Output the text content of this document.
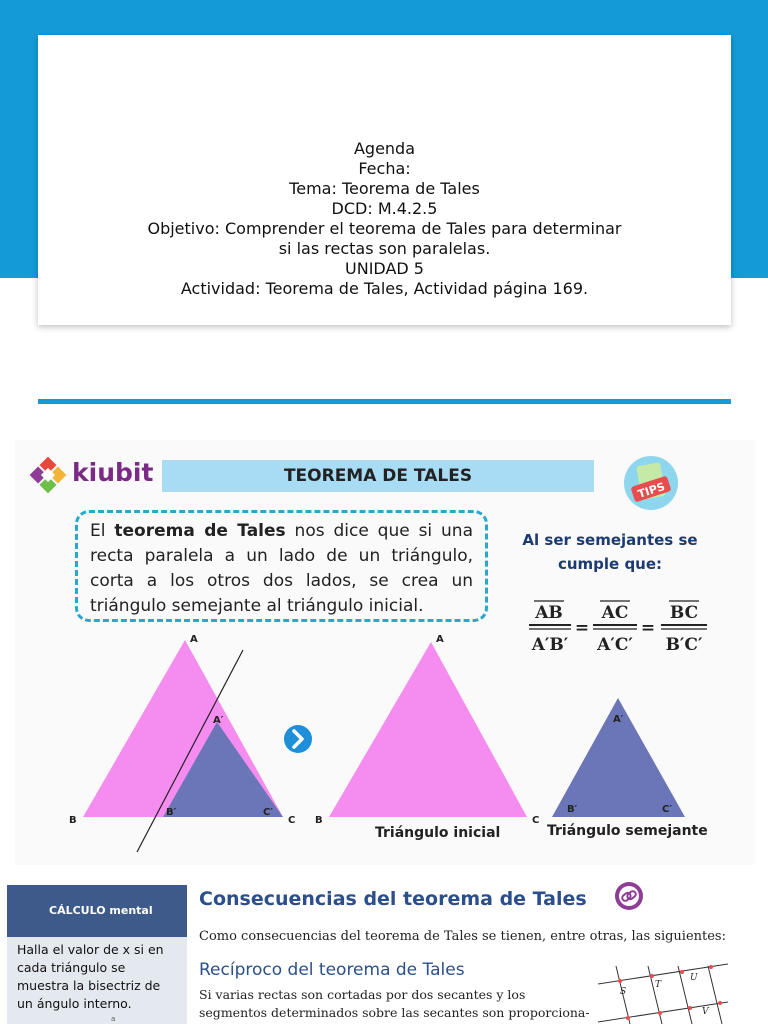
Agenda
Fecha:
Tema: Teorema de Tales
DCD: M.4.2.5
Objetivo: Comprender el teorema de Tales para determinar
si las rectas son paralelas.
UNIDAD 5
Actividad: Teorema de Tales, Actividad página 169.
kiubit	TEOREMA DE TALES
TIPS
El teorema de Tales nos dice que si una recta paralela a un lado de un triángulo, corta a los otros dos lados, se crea un triángulo semejante al triángulo inicial.
Al ser semejantes se cumple que:
AB
A′B′
=
AC
A′C′
=
BC
B′C′
A
B	C
A′
B′	C′
A
B	C
A′
B′	C′
Triángulo inicial	Triángulo semejante
CÁLCULO mental
Halla el valor de x si en cada triángulo se muestra la bisectriz de un ángulo interno.
a
Consecuencias del teorema de Tales
Como consecuencias del teorema de Tales se tienen, entre otras, las siguientes:
Recíproco del teorema de Tales
Si varias rectas son cortadas por dos secantes y los segmentos determinados sobre las secantes son proporciona-
S
T
U
V
